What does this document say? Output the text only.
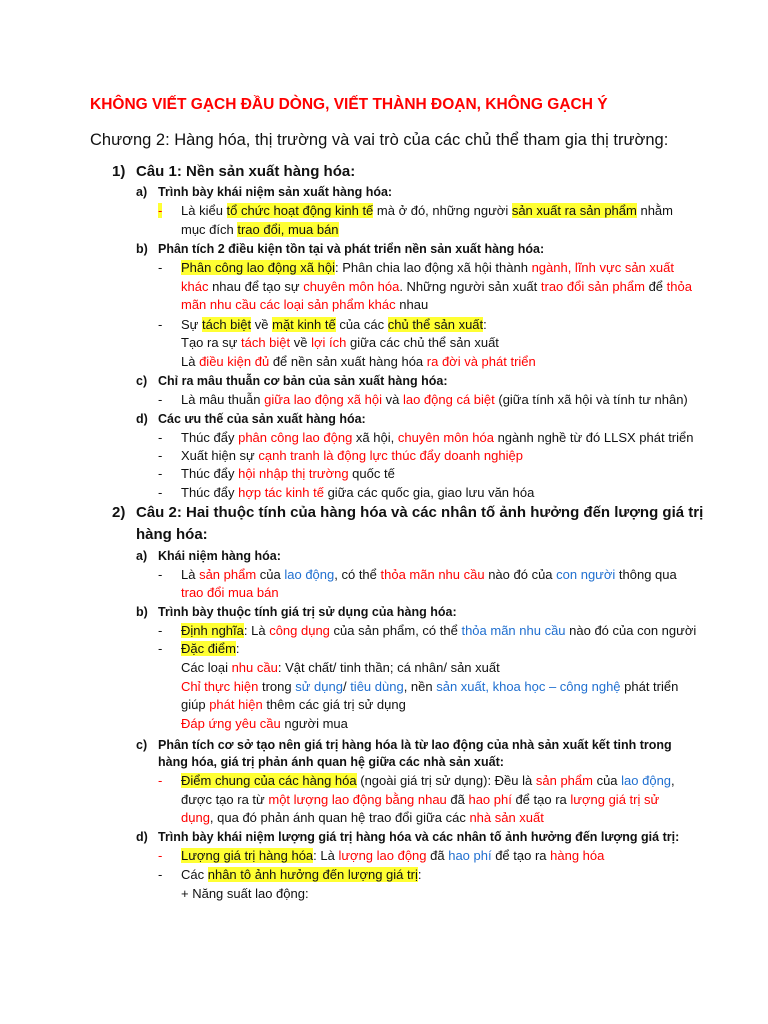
KHÔNG VIẾT GẠCH ĐẦU DÒNG, VIẾT THÀNH ĐOẠN, KHÔNG GẠCH Ý
Chương 2: Hàng hóa, thị trường và vai trò của các chủ thể tham gia thị trường:
1) Câu 1: Nền sản xuất hàng hóa:
a) Trình bày khái niệm sản xuất hàng hóa:
- Là kiểu tổ chức hoạt động kinh tế mà ở đó, những người sản xuất ra sản phẩm nhằm
mục đích trao đổi, mua bán
b) Phân tích 2 điều kiện tồn tại và phát triển nền sản xuất hàng hóa:
- Phân công lao động xã hội: Phân chia lao động xã hội thành ngành, lĩnh vực sản xuất
khác nhau để tạo sự chuyên môn hóa. Những người sản xuất trao đổi sản phẩm để thỏa
mãn nhu cầu các loại sản phẩm khác nhau
- Sự tách biệt về mặt kinh tế của các chủ thể sản xuất:
Tạo ra sự tách biệt về lợi ích giữa các chủ thể sản xuất
Là điều kiện đủ để nền sản xuất hàng hóa ra đời và phát triển
c) Chỉ ra mâu thuẫn cơ bản của sản xuất hàng hóa:
- Là mâu thuẫn giữa lao động xã hội và lao động cá biệt (giữa tính xã hội và tính tư nhân)
d) Các ưu thế của sản xuất hàng hóa:
- Thúc đẩy phân công lao động xã hội, chuyên môn hóa ngành nghề từ đó LLSX phát triển
- Xuất hiện sự cạnh tranh là động lực thúc đẩy doanh nghiệp
- Thúc đẩy hội nhập thị trường quốc tế
- Thúc đẩy hợp tác kinh tế giữa các quốc gia, giao lưu văn hóa
2) Câu 2: Hai thuộc tính của hàng hóa và các nhân tố ảnh hưởng đến lượng giá trị
hàng hóa:
a) Khái niệm hàng hóa:
- Là sản phẩm của lao động, có thể thỏa mãn nhu cầu nào đó của con người thông qua
trao đổi mua bán
b) Trình bày thuộc tính giá trị sử dụng của hàng hóa:
- Định nghĩa: Là công dụng của sản phẩm, có thể thỏa mãn nhu cầu nào đó của con người
- Đặc điểm:
Các loại nhu cầu: Vật chất/ tinh thần; cá nhân/ sản xuất
Chỉ thực hiện trong sử dụng/ tiêu dùng, nền sản xuất, khoa học – công nghệ phát triển
giúp phát hiện thêm các giá trị sử dụng
Đáp ứng yêu cầu người mua
c) Phân tích cơ sở tạo nên giá trị hàng hóa là từ lao động của nhà sản xuất kết tinh trong
hàng hóa, giá trị phản ánh quan hệ giữa các nhà sản xuất:
- Điểm chung của các hàng hóa (ngoài giá trị sử dụng): Đều là sản phẩm của lao động,
được tạo ra từ một lượng lao động bằng nhau đã hao phí để tạo ra lượng giá trị sử
dụng, qua đó phản ánh quan hệ trao đổi giữa các nhà sản xuất
d) Trình bày khái niệm lượng giá trị hàng hóa và các nhân tố ảnh hưởng đến lượng giá trị:
- Lượng giá trị hàng hóa: Là lượng lao động đã hao phí để tạo ra hàng hóa
- Các nhân tô ảnh hưởng đến lượng giá trị:
+ Năng suất lao động:
